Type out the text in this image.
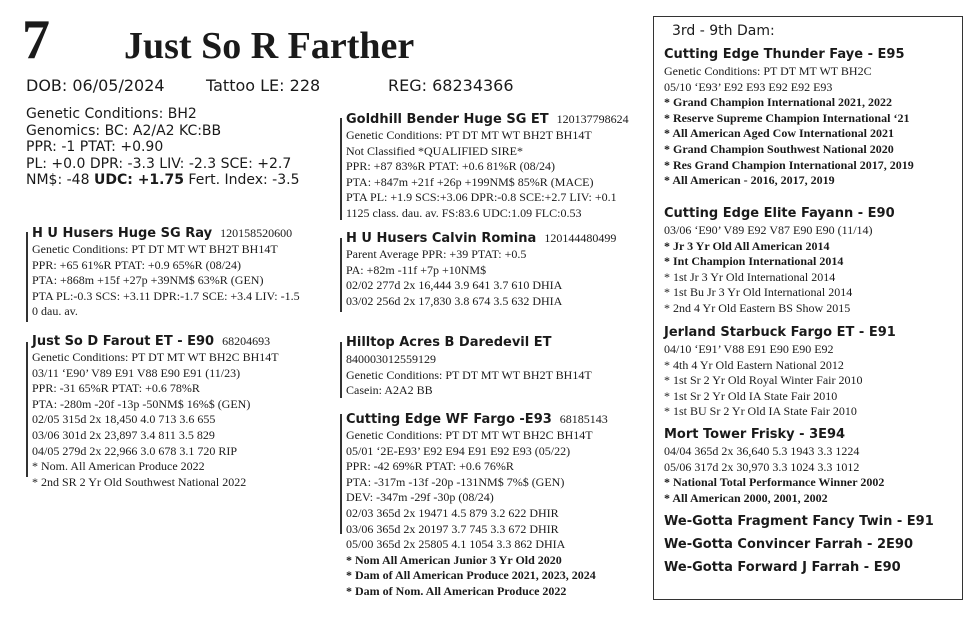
7 Just So R Farther
DOB: 06/05/2024	Tattoo LE: 228	REG: 68234366
Genetic Conditions: BH2
Genomics: BC: A2/A2 KC:BB
PPR: -1 PTAT: +0.90
PL: +0.0 DPR: -3.3 LIV: -2.3 SCE: +2.7
NM$: -48 UDC: +1.75 Fert. Index: -3.5
H U Husers Huge SG Ray 120158520600
Genetic Conditions: PT DT MT WT BH2T BH14T
PPR: +65 61%R PTAT: +0.9 65%R (08/24)
PTA: +868m +15f +27p +39NM$ 63%R (GEN)
PTA PL:-0.3 SCS: +3.11 DPR:-1.7 SCE: +3.4 LIV: -1.5
0 dau. av.
Just So D Farout ET - E90 68204693
Genetic Conditions: PT DT MT WT BH2C BH14T
03/11 ‘E90’ V89 E91 V88 E90 E91 (11/23)
PPR: -31 65%R PTAT: +0.6 78%R
PTA: -280m -20f -13p -50NM$ 16%$ (GEN)
02/05 315d 2x 18,450 4.0 713 3.6 655
03/06 301d 2x 23,897 3.4 811 3.5 829
04/05 279d 2x 22,966 3.0 678 3.1 720 RIP
* Nom. All American Produce 2022
* 2nd SR 2 Yr Old Southwest National 2022
Goldhill Bender Huge SG ET 120137798624
Genetic Conditions: PT DT MT WT BH2T BH14T
Not Classified *QUALIFIED SIRE*
PPR: +87 83%R PTAT: +0.6 81%R (08/24)
PTA: +847m +21f +26p +199NM$ 85%R (MACE)
PTA PL: +1.9 SCS:+3.06 DPR:-0.8 SCE:+2.7 LIV: +0.1
1125 class. dau. av. FS:83.6 UDC:1.09 FLC:0.53
H U Husers Calvin Romina 120144480499
Parent Average PPR: +39 PTAT: +0.5
PA: +82m -11f +7p +10NM$
02/02 277d 2x 16,444 3.9 641 3.7 610 DHIA
03/02 256d 2x 17,830 3.8 674 3.5 632 DHIA
Hilltop Acres B Daredevil ET
840003012559129
Genetic Conditions: PT DT MT WT BH2T BH14T
Casein: A2A2 BB
Cutting Edge WF Fargo -E93 68185143
Genetic Conditions: PT DT MT WT BH2C BH14T
05/01 ‘2E-E93’ E92 E94 E91 E92 E93 (05/22)
PPR: -42 69%R PTAT: +0.6 76%R
PTA: -317m -13f -20p -131NM$ 7%$ (GEN)
DEV: -347m -29f -30p (08/24)
02/03 365d 2x 19471 4.5 879 3.2 622 DHIR
03/06 365d 2x 20197 3.7 745 3.3 672 DHIR
05/00 365d 2x 25805 4.1 1054 3.3 862 DHIA
* Nom All American Junior 3 Yr Old 2020
* Dam of All American Produce 2021, 2023, 2024
* Dam of Nom. All American Produce 2022
3rd - 9th Dam:
Cutting Edge Thunder Faye - E95
Genetic Conditions: PT DT MT WT BH2C
05/10 ‘E93’ E92 E93 E92 E92 E93
* Grand Champion International 2021, 2022
* Reserve Supreme Champion International ‘21
* All American Aged Cow International 2021
* Grand Champion Southwest National 2020
* Res Grand Champion International 2017, 2019
* All American - 2016, 2017, 2019
Cutting Edge Elite Fayann - E90
03/06 ‘E90’ V89 E92 V87 E90 E90 (11/14)
* Jr 3 Yr Old All American 2014
* Int Champion International 2014
* 1st Jr 3 Yr Old International 2014
* 1st Bu Jr 3 Yr Old International 2014
* 2nd 4 Yr Old Eastern BS Show 2015
Jerland Starbuck Fargo ET - E91
04/10 ‘E91’ V88 E91 E90 E90 E92
* 4th 4 Yr Old Eastern National 2012
* 1st Sr 2 Yr Old Royal Winter Fair 2010
* 1st Sr 2 Yr Old IA State Fair 2010
* 1st BU Sr 2 Yr Old IA State Fair 2010
Mort Tower Frisky - 3E94
04/04 365d 2x 36,640 5.3 1943 3.3 1224
05/06 317d 2x 30,970 3.3 1024 3.3 1012
* National Total Performance Winner 2002
* All American 2000, 2001, 2002
We-Gotta Fragment Fancy Twin - E91
We-Gotta Convincer Farrah - 2E90
We-Gotta Forward J Farrah - E90
